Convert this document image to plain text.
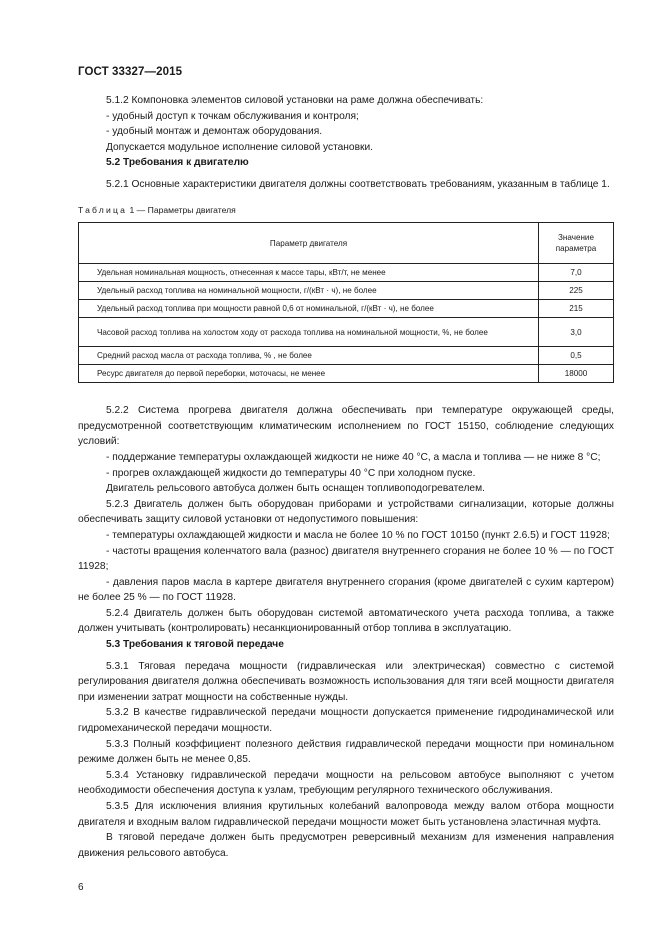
ГОСТ 33327—2015

5.1.2 Компоновка элементов силовой установки на раме должна обеспечивать:

- удобный доступ к точкам обслуживания и контроля;

- удобный монтаж и демонтаж оборудования.

Допускается модульное исполнение силовой установки.

5.2 Требования к двигателю

5.2.1 Основные характеристики двигателя должны соответствовать требованиям, указанным в таблице 1.

Таблица 1 — Параметры двигателя
Параметр двигателя	Значение параметра
Удельная номинальная мощность, отнесенная к массе тары, кВт/т, не менее	7,0
Удельный расход топлива на номинальной мощности, г/(кВт · ч), не более	225
Удельный расход топлива при мощности равной 0,6 от номинальной, г/(кВт · ч), не более	215
Часовой расход топлива на холостом ходу от расхода топлива на номинальной мощности, %, не более	3,0
Средний расход масла от расхода топлива, % , не более	0,5
Ресурс двигателя до первой переборки, моточасы, не менее	18000

5.2.2 Система прогрева двигателя должна обеспечивать при температуре окружающей среды, предусмотренной соответствующим климатическим исполнением по ГОСТ 15150, соблюдение следующих условий:

- поддержание температуры охлаждающей жидкости не ниже 40 °С, а масла и топлива — не ниже 8 °С;

- прогрев охлаждающей жидкости до температуры 40 °С при холодном пуске.

Двигатель рельсового автобуса должен быть оснащен топливоподогревателем.

5.2.3 Двигатель должен быть оборудован приборами и устройствами сигнализации, которые должны обеспечивать защиту силовой установки от недопустимого повышения:

- температуры охлаждающей жидкости и масла не более 10 % по ГОСТ 10150 (пункт 2.6.5) и ГОСТ 11928;

- частоты вращения коленчатого вала (разнос) двигателя внутреннего сгорания не более 10 % — по ГОСТ 11928;

- давления паров масла в картере двигателя внутреннего сгорания (кроме двигателей с сухим картером) не более 25 % — по ГОСТ 11928.

5.2.4 Двигатель должен быть оборудован системой автоматического учета расхода топлива, а также должен учитывать (контролировать) несанкционированный отбор топлива в эксплуатацию.

5.3 Требования к тяговой передаче

5.3.1 Тяговая передача мощности (гидравлическая или электрическая) совместно с системой регулирования двигателя должна обеспечивать возможность использования для тяги всей мощности двигателя при изменении затрат мощности на собственные нужды.

5.3.2 В качестве гидравлической передачи мощности допускается применение гидродинамической или гидромеханической передачи мощности.

5.3.3 Полный коэффициент полезного действия гидравлической передачи мощности при номинальном режиме должен быть не менее 0,85.

5.3.4 Установку гидравлической передачи мощности на рельсовом автобусе выполняют с учетом необходимости обеспечения доступа к узлам, требующим регулярного технического обслуживания.

5.3.5 Для исключения влияния крутильных колебаний валопровода между валом отбора мощности двигателя и входным валом гидравлической передачи мощности может быть установлена эластичная муфта.

В тяговой передаче должен быть предусмотрен реверсивный механизм для изменения направления движения рельсового автобуса.

6
